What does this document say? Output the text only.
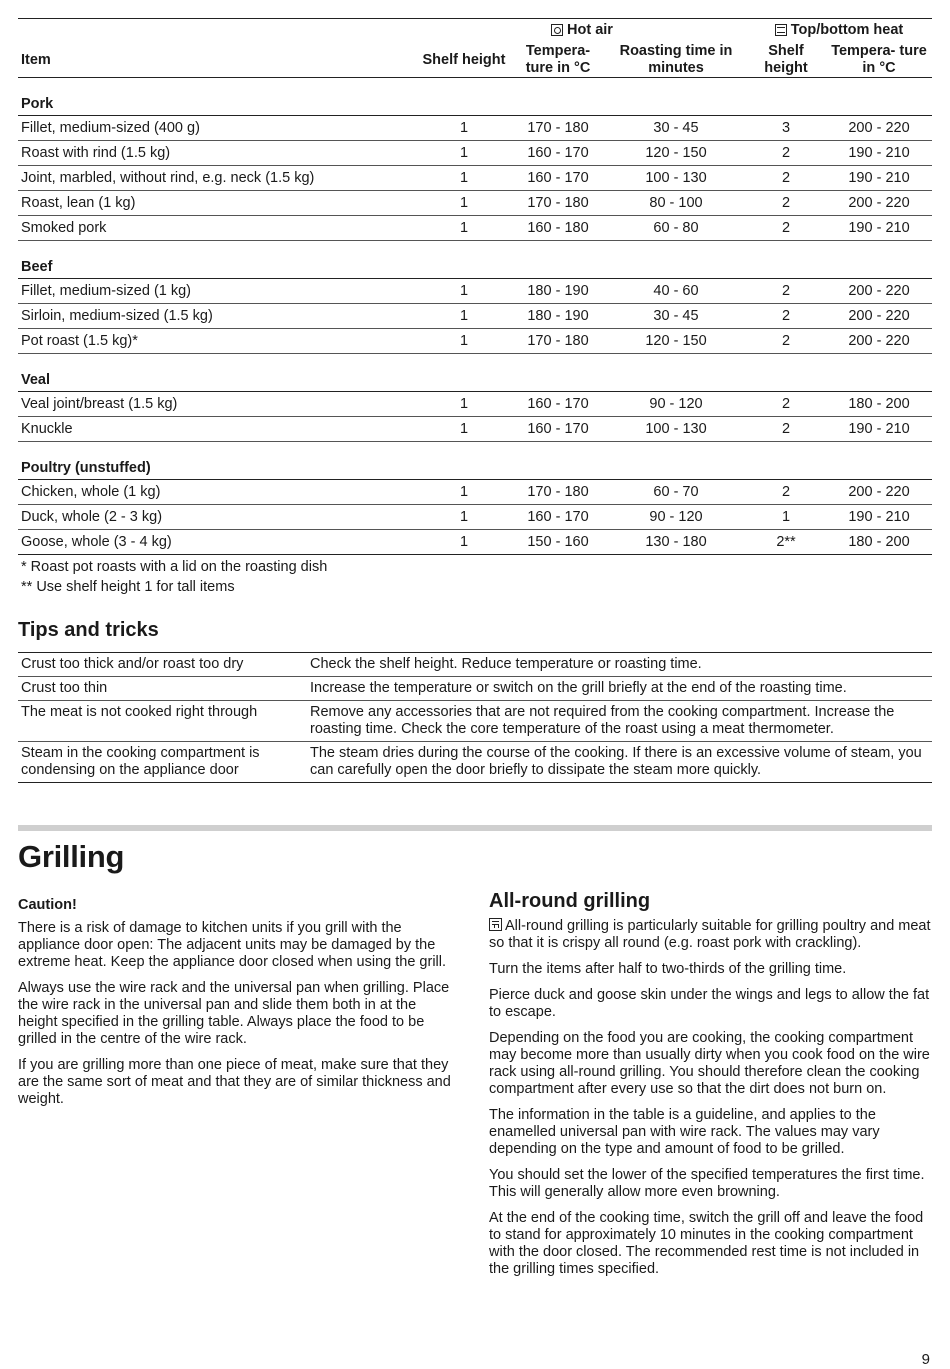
	Hot air			Top/bottom heat	

Item	Shelf height	Tempera- ture in °C	Roasting time in minutes	Shelf height	Tempera- ture in °C
Pork					
Fillet, medium-sized (400 g)	1	170 - 180	30 - 45	3	200 - 220
Roast with rind (1.5 kg)	1	160 - 170	120 - 150	2	190 - 210
Joint, marbled, without rind, e.g. neck (1.5 kg)	1	160 - 170	100 - 130	2	190 - 210
Roast, lean (1 kg)	1	170 - 180	80 - 100	2	200 - 220
Smoked pork	1	160 - 180	60 - 80	2	190 - 210
Beef					
Fillet, medium-sized (1 kg)	1	180 - 190	40 - 60	2	200 - 220
Sirloin, medium-sized (1.5 kg)	1	180 - 190	30 - 45	2	200 - 220
Pot roast (1.5 kg)*	1	170 - 180	120 - 150	2	200 - 220
Veal					
Veal joint/breast (1.5 kg)	1	160 - 170	90 - 120	2	180 - 200
Knuckle	1	160 - 170	100 - 130	2	190 - 210
Poultry (unstuffed)					
Chicken, whole (1 kg)	1	170 - 180	60 - 70	2	200 - 220
Duck, whole (2 - 3 kg)	1	160 - 170	90 - 120	1	190 - 210
Goose, whole (3 - 4 kg)	1	150 - 160	130 - 180	2**	180 - 200
* Roast pot roasts with a lid on the roasting dish
** Use shelf height 1 for tall items
Tips and tricks
Crust too thick and/or roast too dry	Check the shelf height. Reduce temperature or roasting time.
Crust too thin	Increase the temperature or switch on the grill briefly at the end of the roasting time.
The meat is not cooked right through	Remove any accessories that are not required from the cooking compartment. Increase the roasting time. Check the core temperature of the roast using a meat thermometer.
Steam in the cooking compartment is condensing on the appliance door	The steam dries during the course of the cooking. If there is an excessive volume of steam, you can carefully open the door briefly to dissipate the steam more quickly.
Grilling
Caution!

There is a risk of damage to kitchen units if you grill with the appliance door open: The adjacent units may be damaged by the extreme heat. Keep the appliance door closed when using the grill.

Always use the wire rack and the universal pan when grilling. Place the wire rack in the universal pan and slide them both in at the height specified in the grilling table. Always place the food to be grilled in the centre of the wire rack.

If you are grilling more than one piece of meat, make sure that they are the same sort of meat and that they are of similar thickness and weight.

All-round grilling

All-round grilling is particularly suitable for grilling poultry and meat so that it is crispy all round (e.g. roast pork with crackling).

Turn the items after half to two-thirds of the grilling time.

Pierce duck and goose skin under the wings and legs to allow the fat to escape.

Depending on the food you are cooking, the cooking compartment may become more than usually dirty when you cook food on the wire rack using all-round grilling. You should therefore clean the cooking compartment after every use so that the dirt does not burn on.

The information in the table is a guideline, and applies to the enamelled universal pan with wire rack. The values may vary depending on the type and amount of food to be grilled.

You should set the lower of the specified temperatures the first time. This will generally allow more even browning.

At the end of the cooking time, switch the grill off and leave the food to stand for approximately 10 minutes in the cooking compartment with the door closed. The recommended rest time is not included in the grilling times specified.

9
